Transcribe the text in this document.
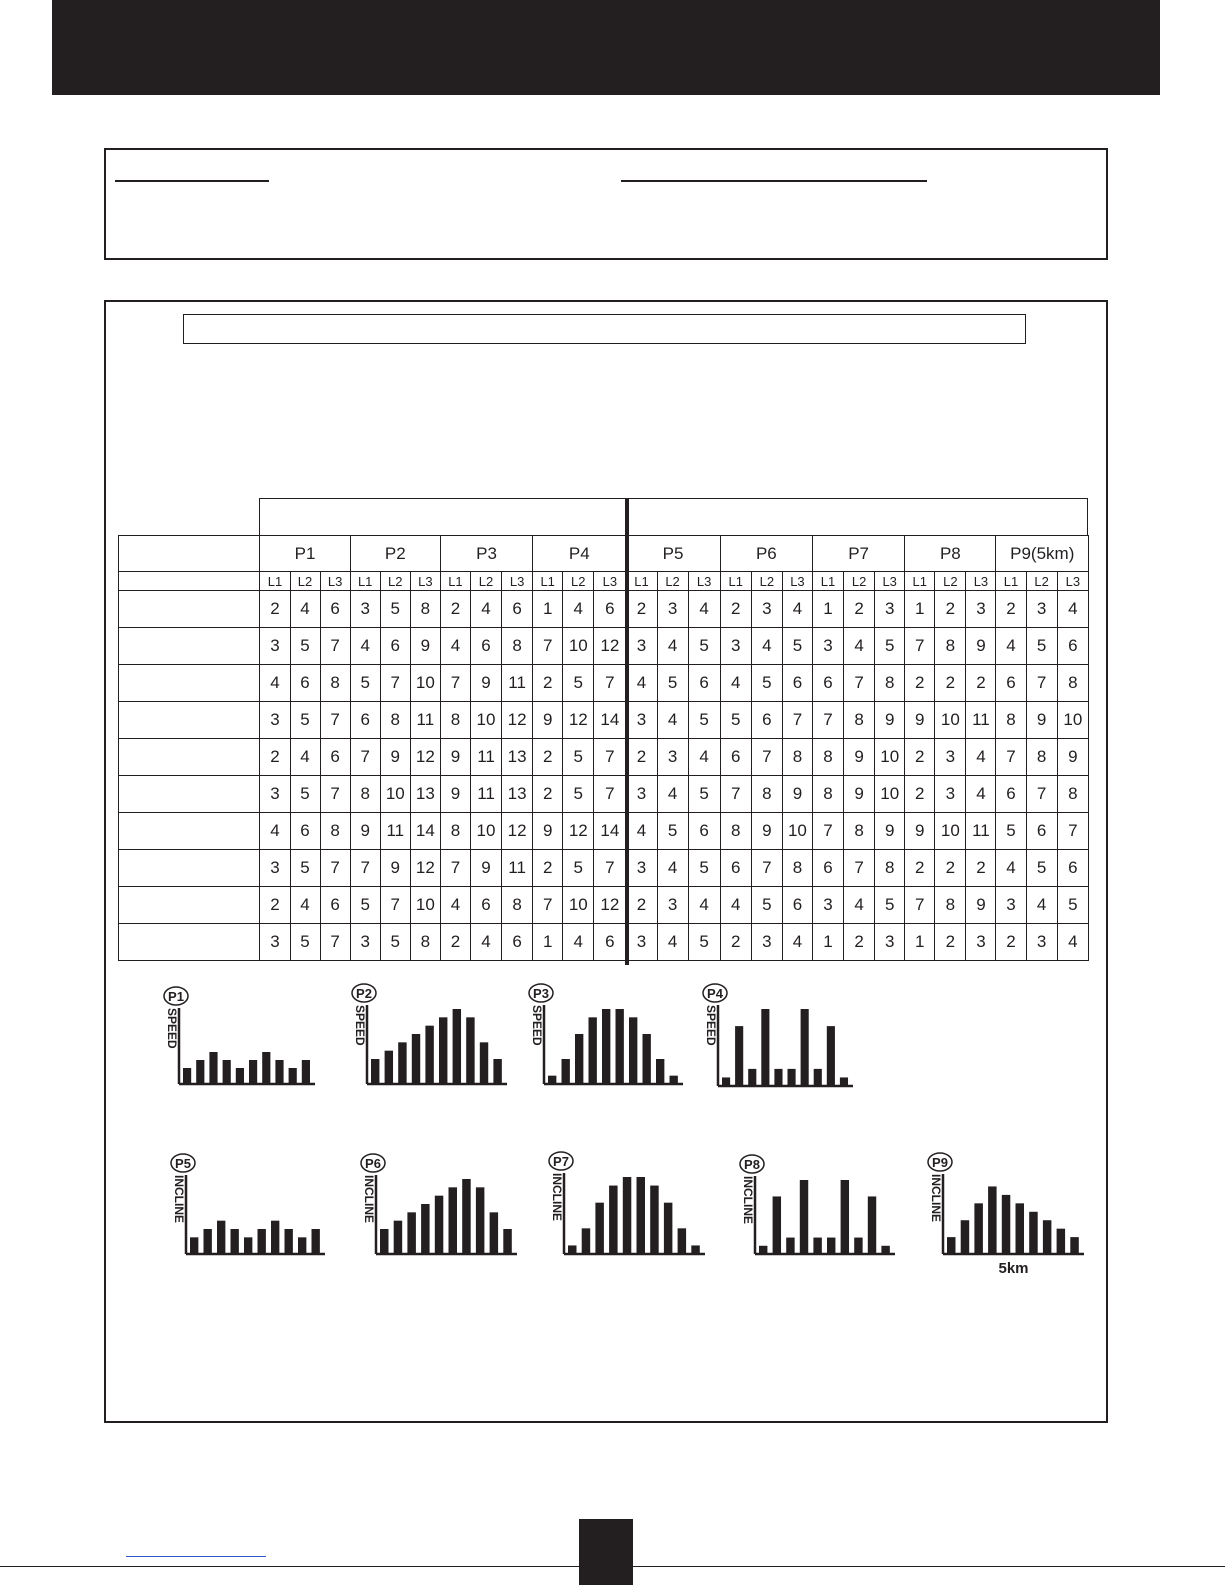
	P1			P2			P3			P4			P5			P6			P7			P8			P9(5km)		
	L1	L2	L3	L1	L2	L3	L1	L2	L3	L1	L2	L3	L1	L2	L3	L1	L2	L3	L1	L2	L3	L1	L2	L3	L1	L2	L3
	2	4	6	3	5	8	2	4	6	1	4	6	2	3	4	2	3	4	1	2	3	1	2	3	2	3	4
	3	5	7	4	6	9	4	6	8	7	10	12	3	4	5	3	4	5	3	4	5	7	8	9	4	5	6
	4	6	8	5	7	10	7	9	11	2	5	7	4	5	6	4	5	6	6	7	8	2	2	2	6	7	8
	3	5	7	6	8	11	8	10	12	9	12	14	3	4	5	5	6	7	7	8	9	9	10	11	8	9	10
	2	4	6	7	9	12	9	11	13	2	5	7	2	3	4	6	7	8	8	9	10	2	3	4	7	8	9
	3	5	7	8	10	13	9	11	13	2	5	7	3	4	5	7	8	9	8	9	10	2	3	4	6	7	8
	4	6	8	9	11	14	8	10	12	9	12	14	4	5	6	8	9	10	7	8	9	9	10	11	5	6	7
	3	5	7	7	9	12	7	9	11	2	5	7	3	4	5	6	7	8	6	7	8	2	2	2	4	5	6
	2	4	6	5	7	10	4	6	8	7	10	12	2	3	4	4	5	6	3	4	5	7	8	9	3	4	5
	3	5	7	3	5	8	2	4	6	1	4	6	3	4	5	2	3	4	1	2	3	1	2	3	2	3	4
P1
SPEED
P2
SPEED
P3
SPEED
P4
SPEED
P5
INCLINE
P6
INCLINE
P7
INCLINE
P8
INCLINE
P9
INCLINE
5km
